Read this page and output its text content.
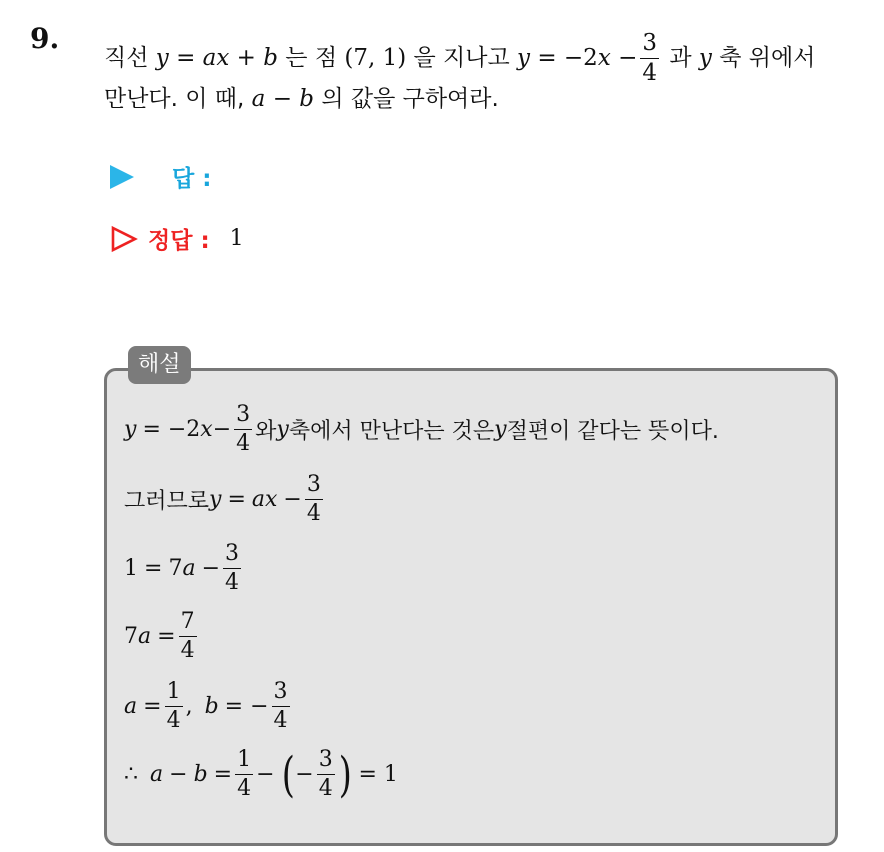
9.
직선 y = ax + b 는 점 (7, 1) 을 지나고 $y = -2x - \frac{3}{4}$ 과 y 축 위에서
만난다. 이 때, a − b 의 값을 구하여라.
답 :
정답 : 1
해설
y = −2 $x - \frac{3}{4}$ 와 y 축에서 만난다는 것은 y 절편이 같다는 뜻이다.
그러므로 y = ax − $\frac{3}{4}$
1 = 7 $a - \frac{3}{4}$
7 $a = \frac{7}{4}$
$a = \frac{1}{4}$ , b = − $\frac{3}{4}$
∴ $a - b = \frac{1}{4}$ − ( − $\frac{3}{4}$ ) = 1
